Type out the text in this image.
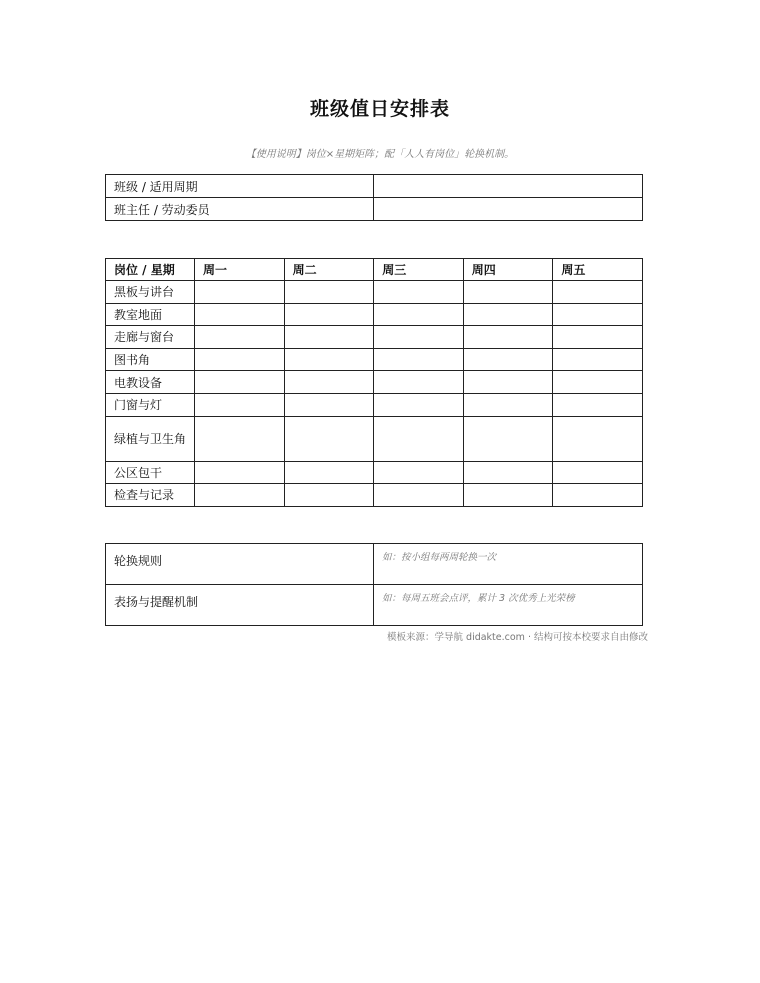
班级值日安排表
【使用说明】岗位×星期矩阵；配「人人有岗位」轮换机制。
班级 / 适用周期	
班主任 / 劳动委员	
岗位 / 星期	周一	周二	周三	周四	周五
黑板与讲台					
教室地面					
走廊与窗台					
图书角					
电教设备					
门窗与灯					
绿植与卫生角					
公区包干					
检查与记录					
轮换规则	如：按小组每两周轮换一次
表扬与提醒机制	如：每周五班会点评，累计 3 次优秀上光荣榜
模板来源：学导航 didakte.com · 结构可按本校要求自由修改
